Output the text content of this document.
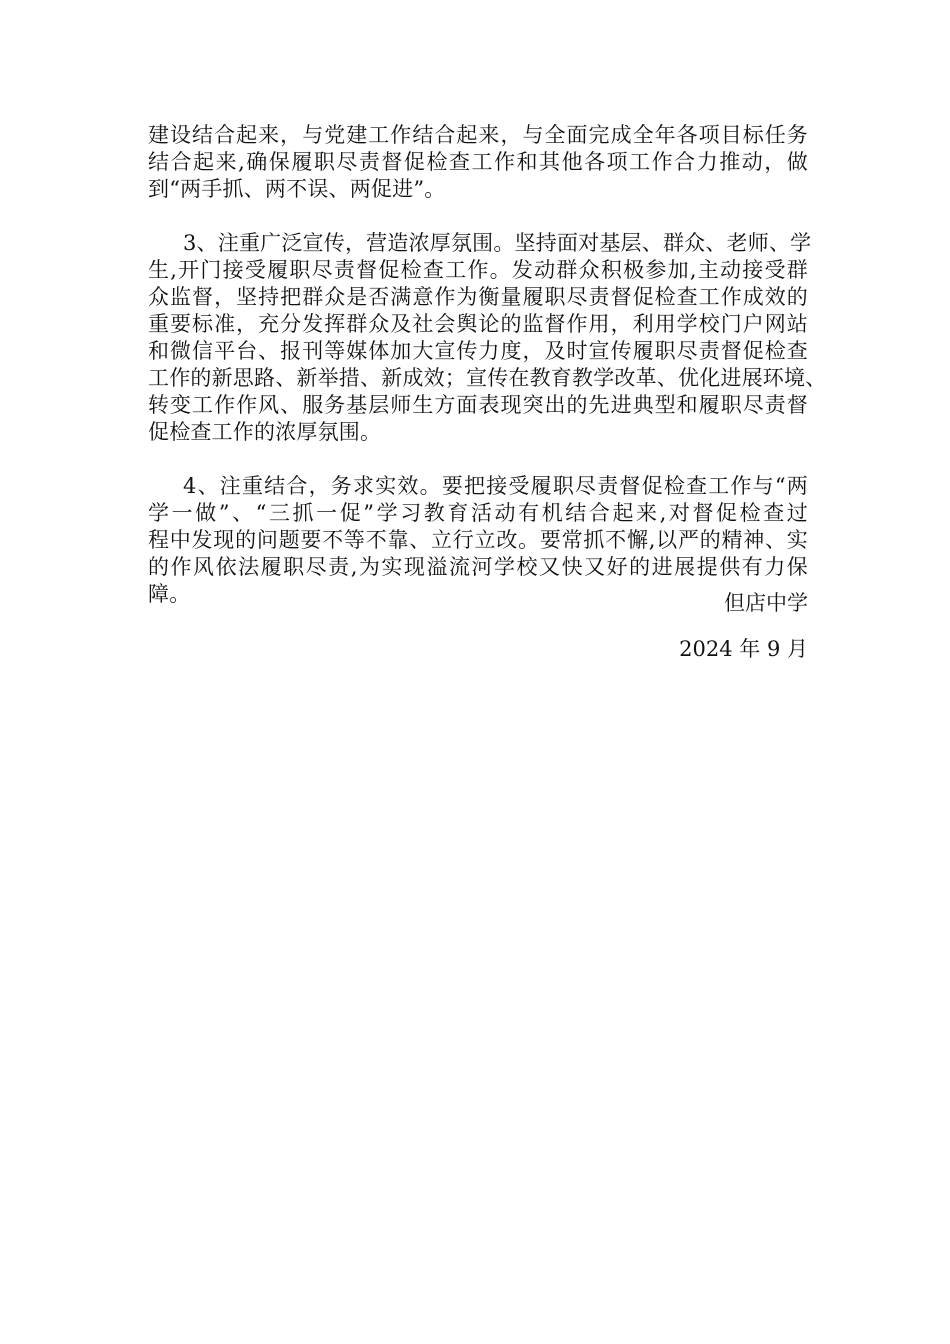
建设结合起来，与党建工作结合起来，与全面完成全年各项目标任务
结合起来,确保履职尽责督促检查工作和其他各项工作合力推动，做
到“两手抓、两不误、两促进”。
3、注重广泛宣传，营造浓厚氛围。坚持面对基层、群众、老师、学
生,开门接受履职尽责督促检查工作。发动群众积极参加,主动接受群
众监督，坚持把群众是否满意作为衡量履职尽责督促检查工作成效的
重要标准，充分发挥群众及社会舆论的监督作用，利用学校门户网站
和微信平台、报刊等媒体加大宣传力度，及时宣传履职尽责督促检查
工作的新思路、新举措、新成效；宣传在教育教学改革、优化进展环境、
转变工作作风、服务基层师生方面表现突出的先进典型和履职尽责督
促检查工作的浓厚氛围。
4、注重结合，务求实效。要把接受履职尽责督促检查工作与“两
学一做”、“三抓一促”学习教育活动有机结合起来,对督促检查过
程中发现的问题要不等不靠、立行立改。要常抓不懈,以严的精神、实
的作风依法履职尽责,为实现溢流河学校又快又好的进展提供有力保
障。	但店中学
2024 年 9 月
